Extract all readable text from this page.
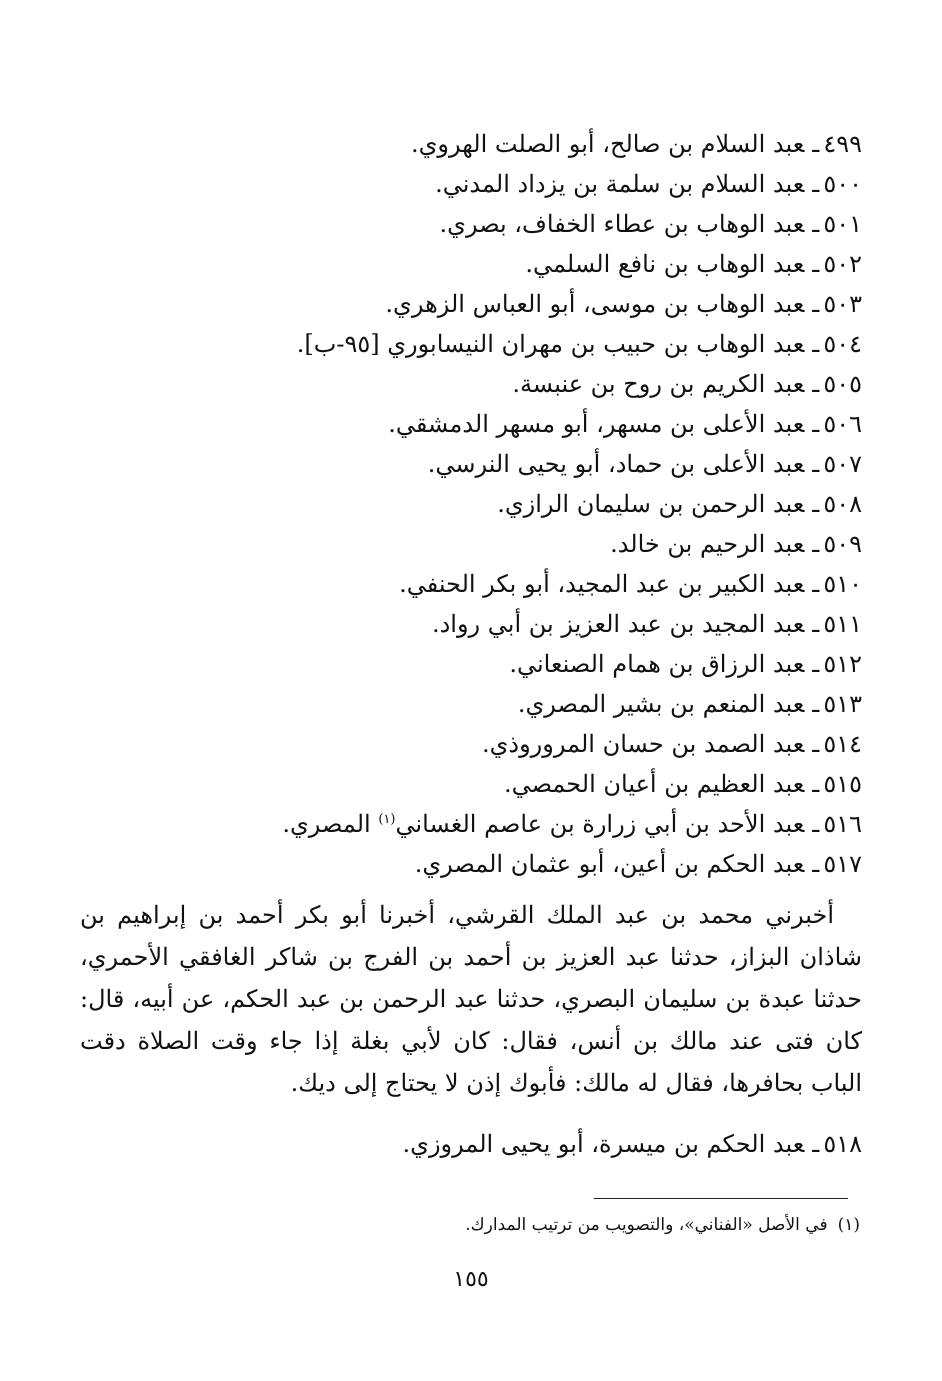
٤٩٩ـعبد السلام بن صالح، أبو الصلت الهروي.
٥٠٠ـعبد السلام بن سلمة بن يزداد المدني.
٥٠١ـعبد الوهاب بن عطاء الخفاف، بصري.
٥٠٢ـعبد الوهاب بن نافع السلمي.
٥٠٣ـعبد الوهاب بن موسى، أبو العباس الزهري.
٥٠٤ـعبد الوهاب بن حبيب بن مهران النيسابوري [٩٥-ب].
٥٠٥ـعبد الكريم بن روح بن عنبسة.
٥٠٦ـعبد الأعلى بن مسهر، أبو مسهر الدمشقي.
٥٠٧ـعبد الأعلى بن حماد، أبو يحيى النرسي.
٥٠٨ـعبد الرحمن بن سليمان الرازي.
٥٠٩ـعبد الرحيم بن خالد.
٥١٠ـعبد الكبير بن عبد المجيد، أبو بكر الحنفي.
٥١١ـعبد المجيد بن عبد العزيز بن أبي رواد.
٥١٢ـعبد الرزاق بن همام الصنعاني.
٥١٣ـعبد المنعم بن بشير المصري.
٥١٤ـعبد الصمد بن حسان المروروذي.
٥١٥ـعبد العظيم بن أعيان الحمصي.
٥١٦ـعبد الأحد بن أبي زرارة بن عاصم الغساني$^{(١)}$ المصري.
٥١٧ـعبد الحكم بن أعين، أبو عثمان المصري.

أخبرني محمد بن عبد الملك القرشي، أخبرنا أبو بكر أحمد بن إبراهيم بن شاذان البزاز، حدثنا عبد العزيز بن أحمد بن الفرج بن شاكر الغافقي الأحمري، حدثنا عبدة بن سليمان البصري، حدثنا عبد الرحمن بن عبد الحكم، عن أبيه، قال: كان فتى عند مالك بن أنس، فقال: كان لأبي بغلة إذا جاء وقت الصلاة دقت الباب بحافرها، فقال له مالك: فأبوك إذن لا يحتاج إلى ديك.

٥١٨ـعبد الحكم بن ميسرة، أبو يحيى المروزي.
(١)في الأصل «الفناني»، والتصويب من ترتيب المدارك.
١٥٥
